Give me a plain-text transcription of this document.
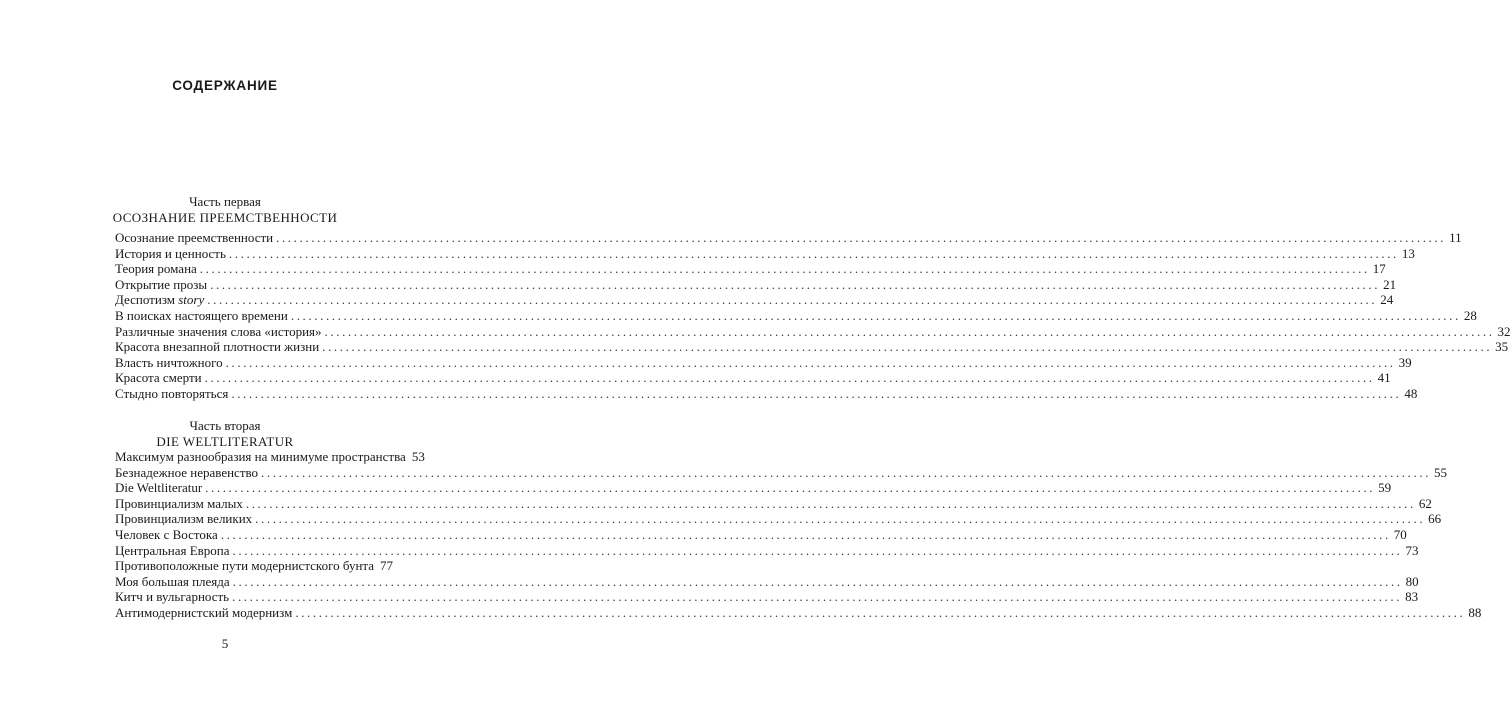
СОДЕРЖАНИЕ
Часть первая
ОСОЗНАНИЕ ПРЕЕМСТВЕННОСТИ
Осознание преемственности ........................................................................................................................................................................................................ 11
История и ценность ........................................................................................................................................................................................................ 13
Теория романа ........................................................................................................................................................................................................ 17
Открытие прозы ........................................................................................................................................................................................................ 21
Деспотизм story ........................................................................................................................................................................................................ 24
В поисках настоящего времени ........................................................................................................................................................................................................ 28
Различные значения слова «история» ........................................................................................................................................................................................................ 32
Красота внезапной плотности жизни ........................................................................................................................................................................................................ 35
Власть ничтожного ........................................................................................................................................................................................................ 39
Красота смерти ........................................................................................................................................................................................................ 41
Стыдно повторяться ........................................................................................................................................................................................................ 48
Часть вторая
DIE WELTLITERATUR
Максимум разнообразия на минимуме пространства 53
Безнадежное неравенство ........................................................................................................................................................................................................ 55
Die Weltliteratur ........................................................................................................................................................................................................ 59
Провинциализм малых ........................................................................................................................................................................................................ 62
Провинциализм великих ........................................................................................................................................................................................................ 66
Человек с Востока ........................................................................................................................................................................................................ 70
Центральная Европа ........................................................................................................................................................................................................ 73
Противоположные пути модернистского бунта 77
Моя большая плеяда ........................................................................................................................................................................................................ 80
Китч и вульгарность ........................................................................................................................................................................................................ 83
Антимодернистский модернизм ........................................................................................................................................................................................................ 88
5
